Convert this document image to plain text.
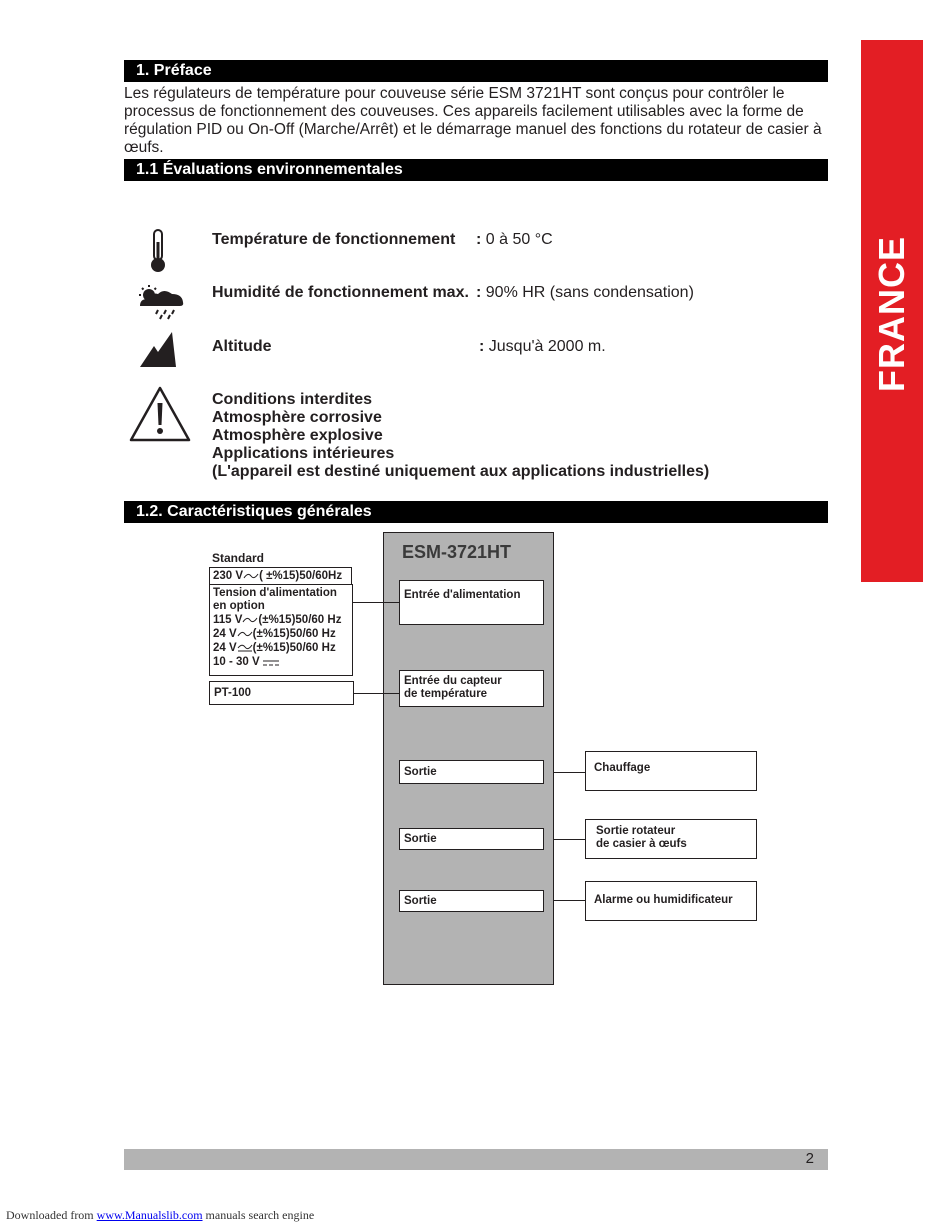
FRANCE
1. Préface
Les régulateurs de température pour couveuse série ESM 3721HT sont conçus pour contrôler le processus de fonctionnement des couveuses. Ces appareils facilement utilisables avec la forme de régulation PID ou On-Off (Marche/Arrêt) et le démarrage manuel des fonctions du rotateur de casier à œufs.
1.1 Évaluations environnementales
Température de fonctionnement : 0 à 50 °C
Humidité de fonctionnement max. : 90% HR (sans condensation)
Altitude	: Jusqu'à 2000 m.
Conditions interdites
Atmosphère corrosive
Atmosphère explosive
Applications intérieures
(L'appareil est destiné uniquement aux applications industrielles)
1.2. Caractéristiques générales
ESM-3721HT
Standard
230 V ( ±%15)50/60Hz
Tension d'alimentation
en option
115 V (±%15)50/60 Hz
24 V (±%15)50/60 Hz
24 V (±%15)50/60 Hz
10 - 30 V
PT-100
Entrée d'alimentation
Entrée du capteur
de température
Sortie
Sortie
Sortie
Chauffage
Sortie rotateur
de casier à œufs
Alarme ou humidificateur
2
Downloaded from www.Manualslib.com manuals search engine
